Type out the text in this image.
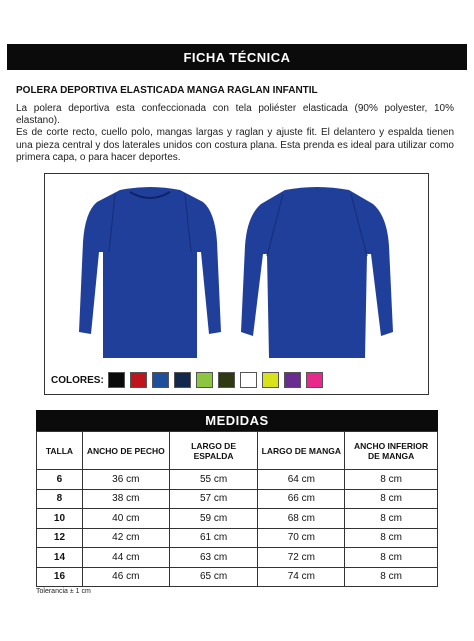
FICHA TÉCNICA
POLERA DEPORTIVA ELASTICADA MANGA RAGLAN INFANTIL

La polera deportiva esta confeccionada con tela poliéster elasticada (90% polyester, 10% elastano).

Es de corte recto, cuello polo, mangas largas y raglan y ajuste fit. El delantero y espalda tienen una pieza central y dos laterales unidos con costura plana. Esta prenda es ideal para utilizar como primera capa, o para hacer deportes.

COLORES:
MEDIDAS
TALLA	ANCHO DE PECHO	LARGO DE ESPALDA	LARGO DE MANGA	ANCHO INFERIOR DE MANGA
6	36 cm	55 cm	64 cm	8 cm
8	38 cm	57 cm	66 cm	8 cm
10	40 cm	59 cm	68 cm	8 cm
12	42 cm	61 cm	70 cm	8 cm
14	44 cm	63 cm	72 cm	8 cm
16	46 cm	65 cm	74 cm	8 cm
Tolerancia ± 1 cm
